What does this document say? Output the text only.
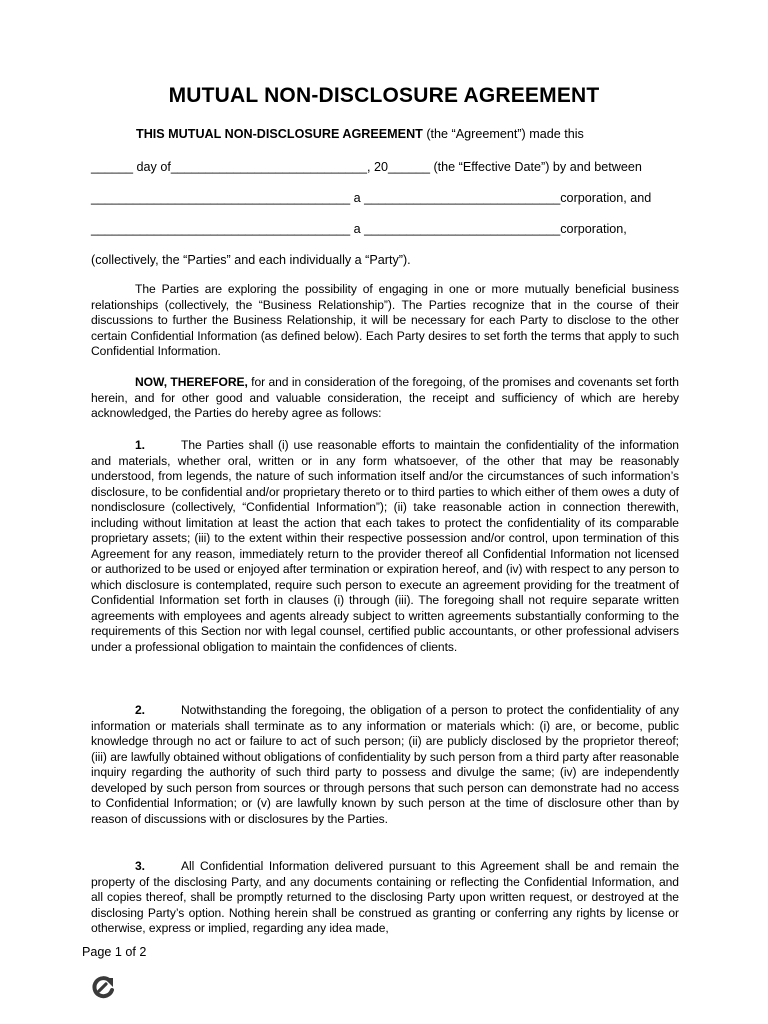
MUTUAL NON-DISCLOSURE AGREEMENT
THIS MUTUAL NON-DISCLOSURE AGREEMENT (the “Agreement”) made this
______ day of____________________________, 20______ (the “Effective Date”) by and between
_____________________________________ a ____________________________corporation, and
_____________________________________ a ____________________________corporation,
(collectively, the “Parties” and each individually a “Party”).
The Parties are exploring the possibility of engaging in one or more mutually beneficial business relationships (collectively, the “Business Relationship”). The Parties recognize that in the course of their discussions to further the Business Relationship, it will be necessary for each Party to disclose to the other certain Confidential Information (as defined below). Each Party desires to set forth the terms that apply to such Confidential Information.
NOW, THEREFORE, for and in consideration of the foregoing, of the promises and covenants set forth herein, and for other good and valuable consideration, the receipt and sufficiency of which are hereby acknowledged, the Parties do hereby agree as follows:
1.	The Parties shall (i) use reasonable efforts to maintain the confidentiality of the information and materials, whether oral, written or in any form whatsoever, of the other that may be reasonably understood, from legends, the nature of such information itself and/or the circumstances of such information’s disclosure, to be confidential and/or proprietary thereto or to third parties to which either of them owes a duty of nondisclosure (collectively, “Confidential Information”); (ii) take reasonable action in connection therewith, including without limitation at least the action that each takes to protect the confidentiality of its comparable proprietary assets; (iii) to the extent within their respective possession and/or control, upon termination of this Agreement for any reason, immediately return to the provider thereof all Confidential Information not licensed or authorized to be used or enjoyed after termination or expiration hereof, and (iv) with respect to any person to which disclosure is contemplated, require such person to execute an agreement providing for the treatment of Confidential Information set forth in clauses (i) through (iii). The foregoing shall not require separate written agreements with employees and agents already subject to written agreements substantially conforming to the requirements of this Section nor with legal counsel, certified public accountants, or other professional advisers under a professional obligation to maintain the confidences of clients.
2.	Notwithstanding the foregoing, the obligation of a person to protect the confidentiality of any information or materials shall terminate as to any information or materials which: (i) are, or become, public knowledge through no act or failure to act of such person; (ii) are publicly disclosed by the proprietor thereof; (iii) are lawfully obtained without obligations of confidentiality by such person from a third party after reasonable inquiry regarding the authority of such third party to possess and divulge the same; (iv) are independently developed by such person from sources or through persons that such person can demonstrate had no access to Confidential Information; or (v) are lawfully known by such person at the time of disclosure other than by reason of discussions with or disclosures by the Parties.
3.	All Confidential Information delivered pursuant to this Agreement shall be and remain the property of the disclosing Party, and any documents containing or reflecting the Confidential Information, and all copies thereof, shall be promptly returned to the disclosing Party upon written request, or destroyed at the disclosing Party’s option. Nothing herein shall be construed as granting or conferring any rights by license or otherwise, express or implied, regarding any idea made,
Page 1 of 2
